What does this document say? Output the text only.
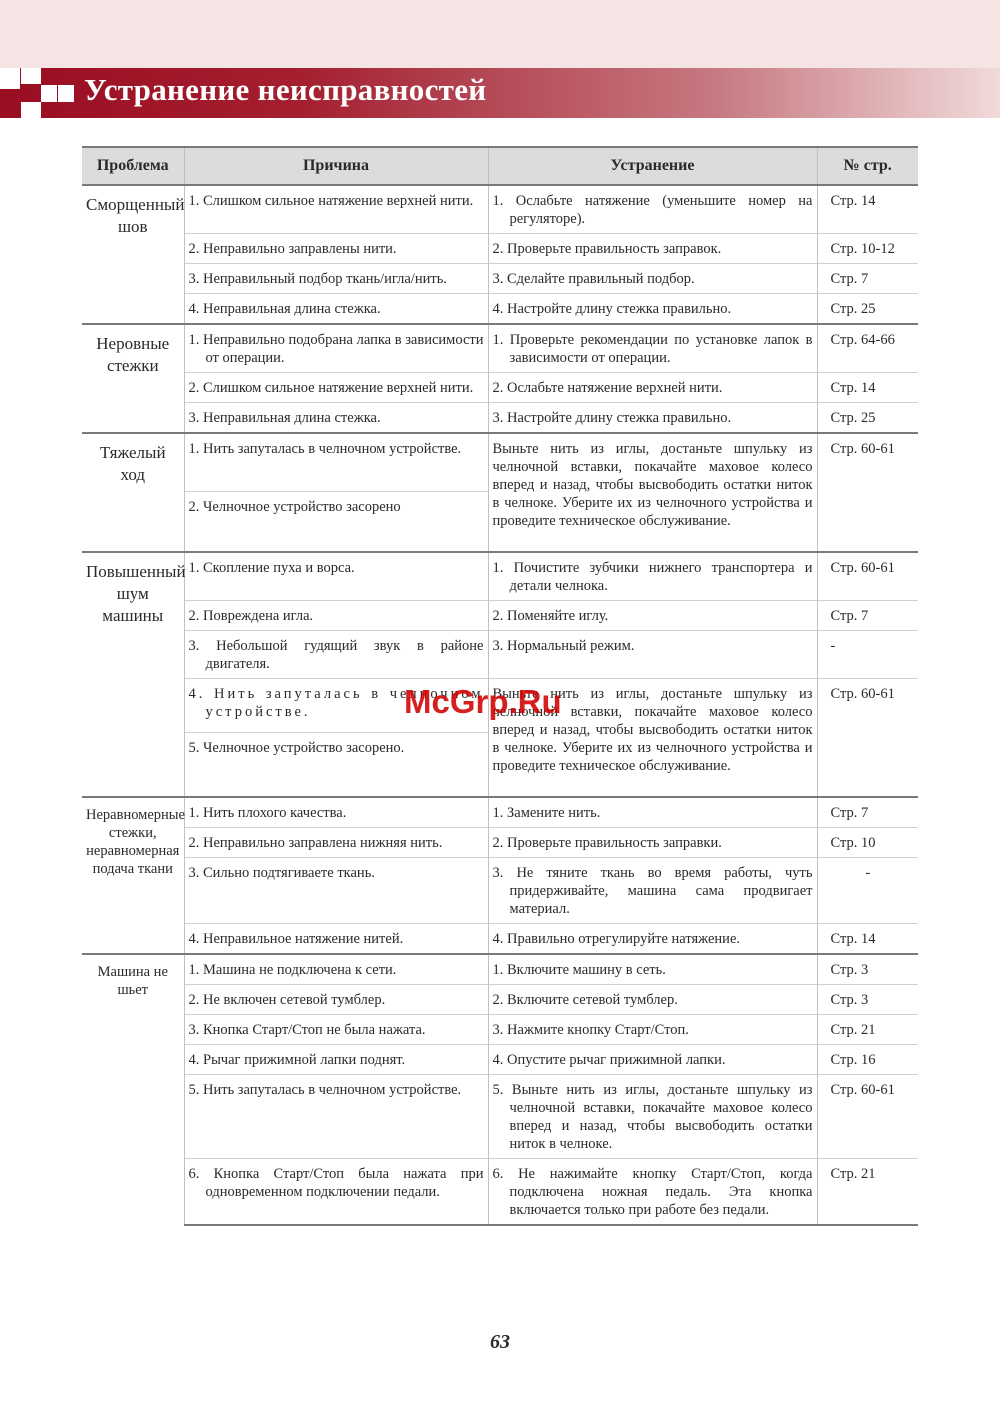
Устранение неисправностей
Проблема	Причина	Устранение	№ стр.
Сморщенный шов	1. Слишком сильное натяжение верхней нити.	1. Ослабьте натяжение (уменьшите номер на регуляторе).	Стр. 14

	2. Неправильно заправлены нити.	2. Проверьте правильность заправок.	Стр. 10-12

	3. Неправильный подбор ткань/игла/нить.	3. Сделайте правильный подбор.	Стр. 7

	4. Неправильная длина стежка.	4. Настройте длину стежка правильно.	Стр. 25
Неровные стежки	1. Неправильно подобрана лапка в зависимости от операции.	1. Проверьте рекомендации по установке лапок в зависимости от операции.	Стр. 64-66

	2. Слишком сильное натяжение верхней нити.	2. Ослабьте натяжение верхней нити.	Стр. 14

	3. Неправильная длина стежка.	3. Настройте длину стежка правильно.	Стр. 25
Тяжелый ход	1. Нить запуталась в челночном устройстве.	Выньте нить из иглы, достаньте шпульку из челночной вставки, покачайте маховое колесо вперед и назад, чтобы высвободить остатки ниток в челноке. Уберите их из челночного устройства и проведите техническое обслуживание.	Стр. 60-61

	2. Челночное устройство засорено		

Повышенный шум машины	1. Скопление пуха и ворса.	1. Почистите зубчики нижнего транспортера и детали челнока.	Стр. 60-61

	2. Повреждена игла.	2. Поменяйте иглу.	Стр. 7

	3. Небольшой гудящий звук в районе двигателя.	3. Нормальный режим.	-

	4. Нить запуталась в челночном устройстве.	Выньте нить из иглы, достаньте шпульку из челночной вставки, покачайте маховое колесо вперед и назад, чтобы высвободить остатки ниток в челноке. Уберите их из челночного устройства и проведите техническое обслуживание.	Стр. 60-61

	5. Челночное устройство засорено.		

Неравномерные стежки, неравномерная подача ткани	1. Нить плохого качества.	1. Замените нить.	Стр. 7

	2. Неправильно заправлена нижняя нить.	2. Проверьте правильность заправки.	Стр. 10

	3. Сильно подтягиваете ткань.	3. Не тяните ткань во время работы, чуть придерживайте, машина сама продвигает материал.	-

	4. Неправильное натяжение нитей.	4. Правильно отрегулируйте натяжение.	Стр. 14
Машина не шьет	1. Машина не подключена к сети.	1. Включите машину в сеть.	Стр. 3

	2. Не включен сетевой тумблер.	2. Включите сетевой тумблер.	Стр. 3

	3. Кнопка Старт/Стоп не была нажата.	3. Нажмите кнопку Старт/Стоп.	Стр. 21

	4. Рычаг прижимной лапки поднят.	4. Опустите рычаг прижимной лапки.	Стр. 16

	5. Нить запуталась в челночном устройстве.	5. Выньте нить из иглы, достаньте шпульку из челночной вставки, покачайте маховое колесо вперед и назад, чтобы высвободить остатки ниток в челноке.	Стр. 60-61

	6. Кнопка Старт/Стоп была нажата при одновременном подключении педали.	6. Не нажимайте кнопку Старт/Стоп, когда подключена ножная педаль. Эта кнопка включается только при работе без педали.	Стр. 21
McGrp.Ru
63
